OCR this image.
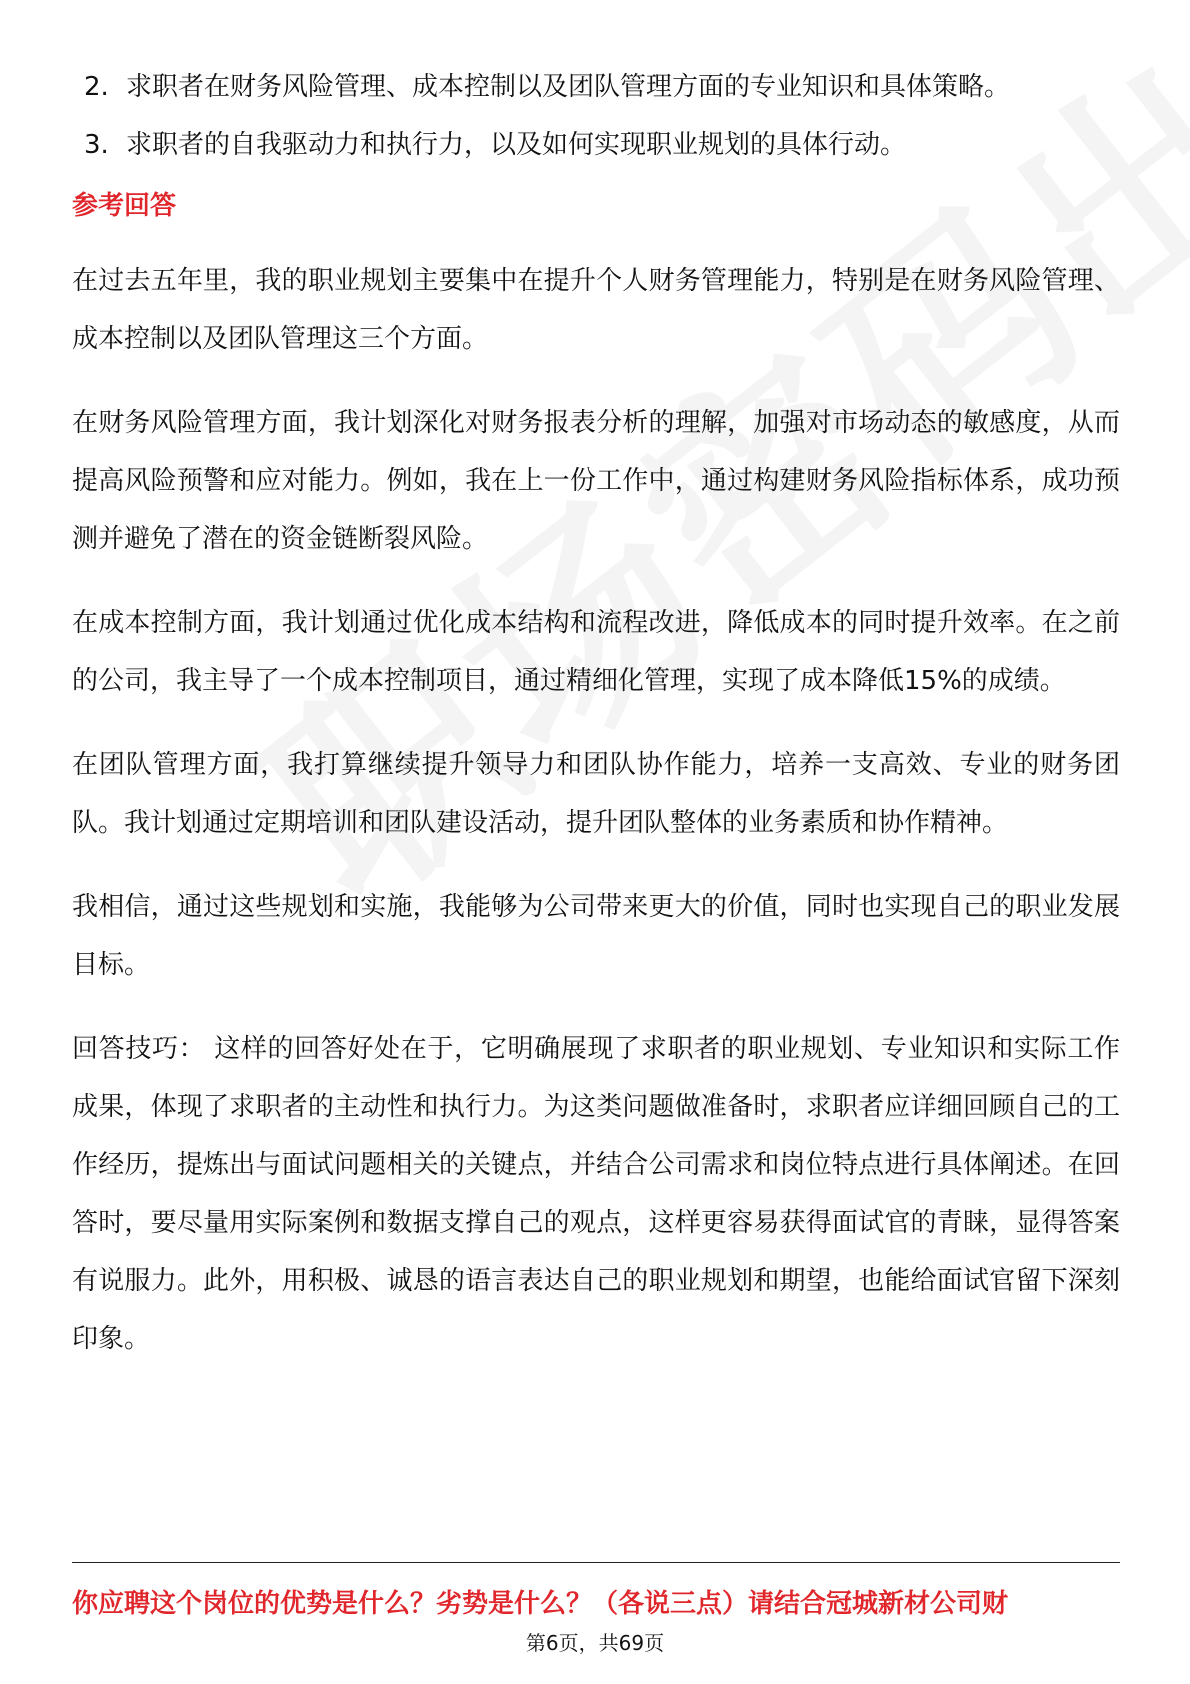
2. 求职者在财务风险管理、成本控制以及团队管理方面的专业知识和具体策略。
3. 求职者的自我驱动力和执行力，以及如何实现职业规划的具体行动。
参考回答

在过去五年里，我的职业规划主要集中在提升个人财务管理能力，特别是在财务风险管理、成本控制以及团队管理这三个方面。

在财务风险管理方面，我计划深化对财务报表分析的理解，加强对市场动态的敏感度，从而提高风险预警和应对能力。例如，我在上一份工作中，通过构建财务风险指标体系，成功预测并避免了潜在的资金链断裂风险。

在成本控制方面，我计划通过优化成本结构和流程改进，降低成本的同时提升效率。在之前的公司，我主导了一个成本控制项目，通过精细化管理，实现了成本降低15%的成绩。

在团队管理方面，我打算继续提升领导力和团队协作能力，培养一支高效、专业的财务团队。我计划通过定期培训和团队建设活动，提升团队整体的业务素质和协作精神。

我相信，通过这些规划和实施，我能够为公司带来更大的价值，同时也实现自己的职业发展目标。

回答技巧： 这样的回答好处在于，它明确展现了求职者的职业规划、专业知识和实际工作成果，体现了求职者的主动性和执行力。为这类问题做准备时，求职者应详细回顾自己的工作经历，提炼出与面试问题相关的关键点，并结合公司需求和岗位特点进行具体阐述。在回答时，要尽量用实际案例和数据支撑自己的观点，这样更容易获得面试官的青睐，显得答案有说服力。此外，用积极、诚恳的语言表达自己的职业规划和期望，也能给面试官留下深刻印象。

你应聘这个岗位的优势是什么？劣势是什么？（各说三点）请结合冠城新材公司财
第6页，共69页
